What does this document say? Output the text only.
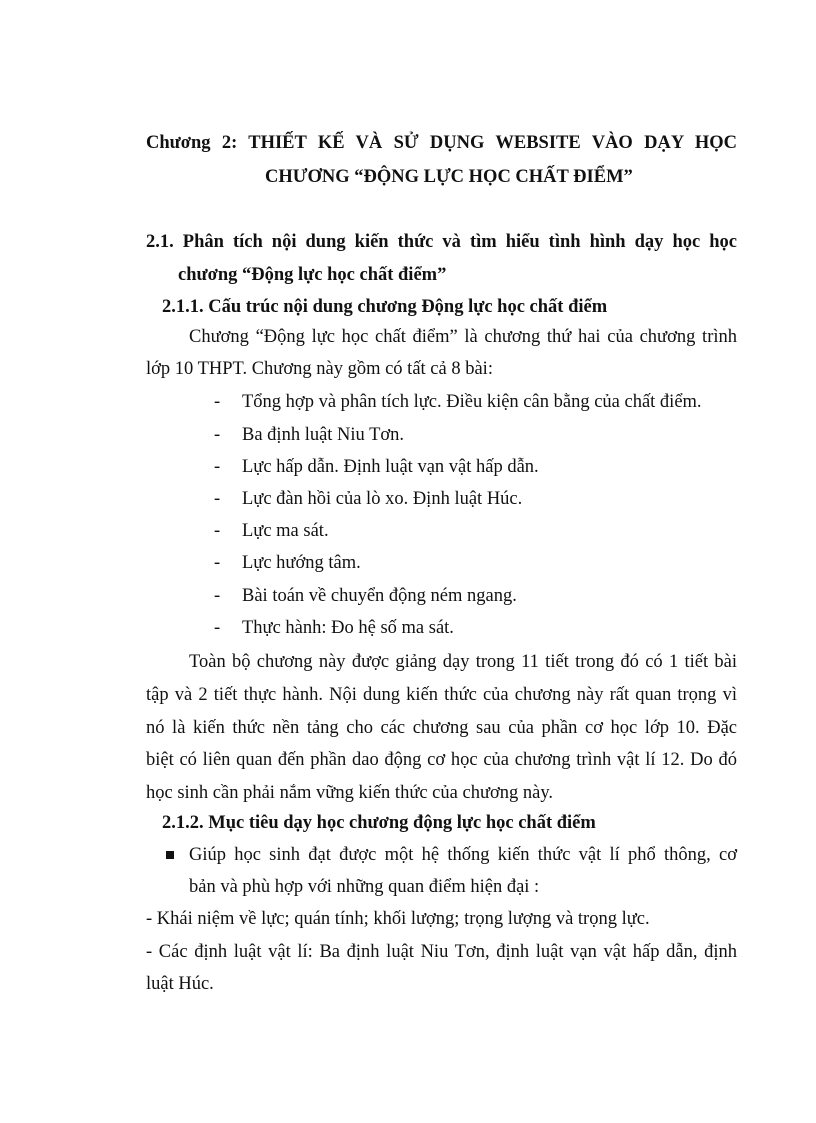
Chương 2: THIẾT KẾ VÀ SỬ DỤNG WEBSITE VÀO DẠY HỌC
CHƯƠNG “ĐỘNG LỰC HỌC CHẤT ĐIỂM”
2.1. Phân tích nội dung kiến thức và tìm hiểu tình hình dạy học học
chương “Động lực học chất điểm”
2.1.1. Cấu trúc nội dung chương Động lực học chất điểm
Chương “Động lực học chất điểm” là chương thứ hai của chương trình
lớp 10 THPT. Chương này gồm có tất cả 8 bài:
- Tổng hợp và phân tích lực. Điều kiện cân bằng của chất điểm.
- Ba định luật Niu Tơn.
- Lực hấp dẫn. Định luật vạn vật hấp dẫn.
- Lực đàn hồi của lò xo. Định luật Húc.
- Lực ma sát.
- Lực hướng tâm.
- Bài toán về chuyển động ném ngang.
- Thực hành: Đo hệ số ma sát.
Toàn bộ chương này được giảng dạy trong 11 tiết trong đó có 1 tiết bài
tập và 2 tiết thực hành. Nội dung kiến thức của chương này rất quan trọng vì
nó là kiến thức nền tảng cho các chương sau của phần cơ học lớp 10. Đặc
biệt có liên quan đến phần dao động cơ học của chương trình vật lí 12. Do đó
học sinh cần phải nắm vững kiến thức của chương này.
2.1.2. Mục tiêu dạy học chương động lực học chất điểm
Giúp học sinh đạt được một hệ thống kiến thức vật lí phổ thông, cơ
bản và phù hợp với những quan điểm hiện đại :
- Khái niệm về lực; quán tính; khối lượng; trọng lượng và trọng lực.
- Các định luật vật lí: Ba định luật Niu Tơn, định luật vạn vật hấp dẫn, định
luật Húc.
